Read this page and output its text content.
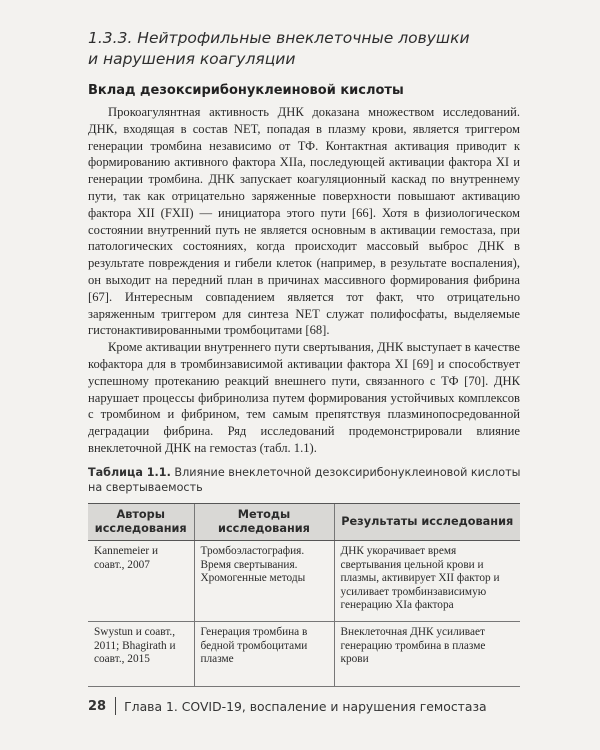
1.3.3. Нейтрофильные внеклеточные ловушки
и нарушения коагуляции
Вклад дезоксирибонуклеиновой кислоты

Прокоагулянтная активность ДНК доказана множеством исследований. ДНК, входящая в состав NET, попадая в плазму крови, является триггером генерации тромбина независимо от ТФ. Контактная активация приводит к формированию активного фактора XIIa, последующей активации фактора XI и генерации тромбина. ДНК запускает коагуляционный каскад по внутреннему пути, так как отрицательно заряженные поверхности повышают активацию фактора XII (FXII) — инициатора этого пути [66]. Хотя в физиологическом состоянии внутренний путь не является основным в активации гемостаза, при патологических состояниях, когда происходит массовый выброс ДНК в результате повреждения и гибели клеток (например, в результате воспаления), он выходит на передний план в причинах массивного формирования фибрина [67]. Интересным совпадением является тот факт, что отрицательно заряженным триггером для синтеза NET служат полифосфаты, выделяемые гистонактивированными тромбоцитами [68].

Кроме активации внутреннего пути свертывания, ДНК выступает в качестве кофактора для в тромбинзависимой активации фактора XI [69] и способствует успешному протеканию реакций внешнего пути, связанного с ТФ [70]. ДНК нарушает процессы фибринолиза путем формирования устойчивых комплексов с тромбином и фибрином, тем самым препятствуя плазминопосредованной деградации фибрина. Ряд исследований продемонстрировали влияние внеклеточной ДНК на гемостаз (табл. 1.1).

Таблица 1.1. Влияние внеклеточной дезоксирибонуклеиновой кислоты на свертываемость
Авторы исследования	Методы исследования	Результаты исследования
Kannemeier и соавт., 2007	Тромбоэластография. Время свертывания. Хромогенные методы	ДНК укорачивает время свертывания цельной крови и плазмы, активирует XII фактор и усиливает тромбинзависимую генерацию XIa фактора
Swystun и соавт., 2011; Bhagirath и соавт., 2015	Генерация тромбина в бедной тромбоцитами плазме	Внеклеточная ДНК усиливает генерацию тромбина в плазме крови
28 Глава 1. COVID-19, воспаление и нарушения гемостаза
